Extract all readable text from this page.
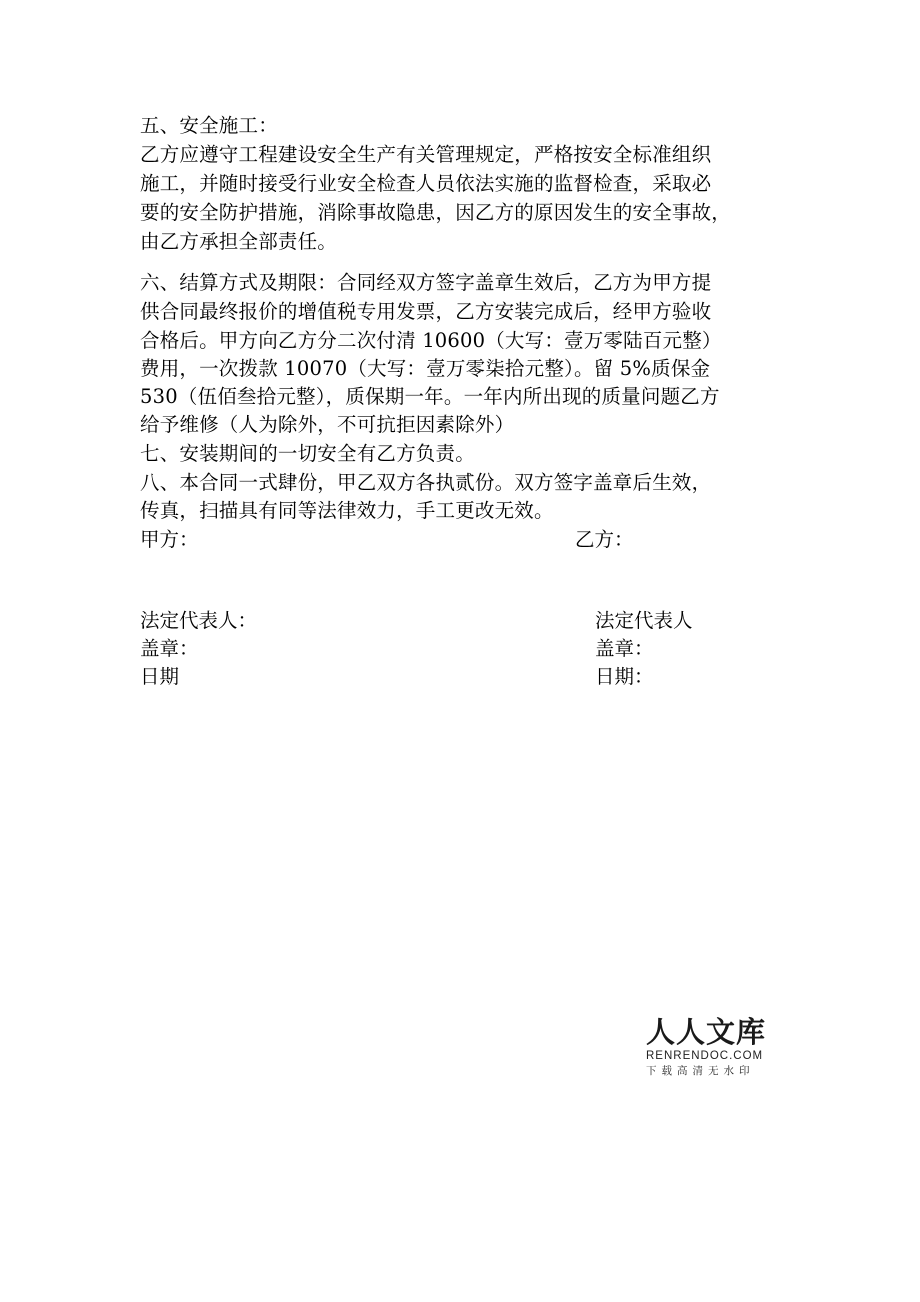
五、安全施工：
乙方应遵守工程建设安全生产有关管理规定，严格按安全标准组织
施工，并随时接受行业安全检查人员依法实施的监督检查，采取必
要的安全防护措施，消除事故隐患，因乙方的原因发生的安全事故，
由乙方承担全部责任。
六、结算方式及期限：合同经双方签字盖章生效后，乙方为甲方提
供合同最终报价的增值税专用发票，乙方安装完成后，经甲方验收
合格后。甲方向乙方分二次付清 10600（大写：壹万零陆百元整）
费用，一次拨款 10070（大写：壹万零柒拾元整）。留 5%质保金
530（伍佰叁拾元整），质保期一年。一年内所出现的质量问题乙方
给予维修（人为除外，不可抗拒因素除外）
七、安装期间的一切安全有乙方负责。
八、本合同一式肆份，甲乙双方各执贰份。双方签字盖章后生效，
传真，扫描具有同等法律效力，手工更改无效。
甲方：	乙方：
法定代表人：	法定代表人
盖章：	盖章：
日期	日期：
人人文库
RENRENDOC.COM
下载高清无水印
